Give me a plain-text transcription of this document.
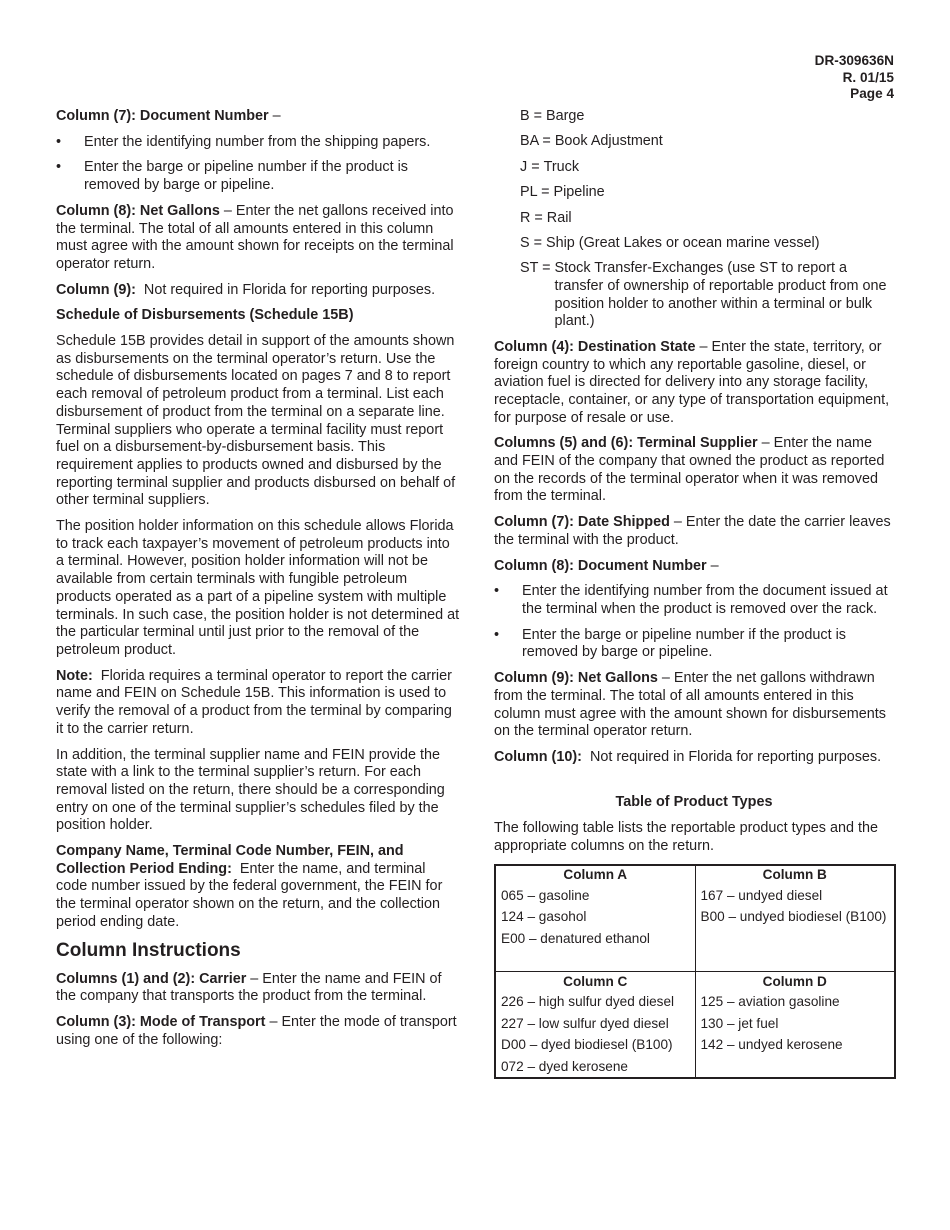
DR-309636N
R. 01/15
Page 4

Column (7): Document Number –

•	Enter the identifying number from the shipping papers.
•	Enter the barge or pipeline number if the product is removed by barge or pipeline.

Column (8): Net Gallons – Enter the net gallons received into the terminal. The total of all amounts entered in this column must agree with the amount shown for receipts on the terminal operator return.

Column (9):  Not required in Florida for reporting purposes.

Schedule of Disbursements (Schedule 15B)

Schedule 15B provides detail in support of the amounts shown as disbursements on the terminal operator’s return. Use the schedule of disbursements located on pages 7 and 8 to report each removal of petroleum product from a terminal. List each disbursement of product from the terminal on a separate line. Terminal suppliers who operate a terminal facility must report fuel on a disbursement-by-disbursement basis. This requirement applies to products owned and disbursed by the reporting terminal supplier and products disbursed on behalf of other terminal suppliers.

The position holder information on this schedule allows Florida to track each taxpayer’s movement of petroleum products into a terminal. However, position holder information will not be available from certain terminals with fungible petroleum products operated as a part of a pipeline system with multiple terminals. In such case, the position holder is not determined at the particular terminal until just prior to the removal of the petroleum product.

Note:  Florida requires a terminal operator to report the carrier name and FEIN on Schedule 15B. This information is used to verify the removal of a product from the terminal by comparing it to the carrier return.

In addition, the terminal supplier name and FEIN provide the state with a link to the terminal supplier’s return. For each removal listed on the return, there should be a corresponding entry on one of the terminal supplier’s schedules filed by the position holder.

Company Name, Terminal Code Number, FEIN, and Collection Period Ending:  Enter the name, and terminal code number issued by the federal government, the FEIN for the terminal operator shown on the return, and the collection period ending date.

Column Instructions

Columns (1) and (2): Carrier – Enter the name and FEIN of the company that transports the product from the terminal.

Column (3): Mode of Transport – Enter the mode of transport using one of the following:

B = Barge
BA = Book Adjustment
J = Truck
PL = Pipeline
R = Rail
S = Ship (Great Lakes or ocean marine vessel)
ST = Stock Transfer-Exchanges (use ST to report a transfer of ownership of reportable product from one position holder to another within a terminal or bulk plant.)

Column (4): Destination State – Enter the state, territory, or foreign country to which any reportable gasoline, diesel, or aviation fuel is directed for delivery into any storage facility, receptacle, container, or any type of transportation equipment, for purpose of resale or use.

Columns (5) and (6): Terminal Supplier – Enter the name and FEIN of the company that owned the product as reported on the records of the terminal operator when it was removed from the terminal.

Column (7): Date Shipped – Enter the date the carrier leaves the terminal with the product.

Column (8): Document Number –

•	Enter the identifying number from the document issued at the terminal when the product is removed over the rack.
•	Enter the barge or pipeline number if the product is removed by barge or pipeline.

Column (9): Net Gallons – Enter the net gallons withdrawn from the terminal. The total of all amounts entered in this column must agree with the amount shown for disbursements on the terminal operator return.

Column (10):  Not required in Florida for reporting purposes.

Table of Product Types

The following table lists the reportable product types and the appropriate columns on the return.

Column A	Column B
065 – gasoline	167 – undyed diesel
124 – gasohol	B00 – undyed biodiesel (B100)
E00 – denatured ethanol	

Column C	Column D
226 – high sulfur dyed diesel	125 – aviation gasoline
227 – low sulfur dyed diesel	130 – jet fuel
D00 – dyed biodiesel (B100)	142 – undyed kerosene
072 – dyed kerosene	
